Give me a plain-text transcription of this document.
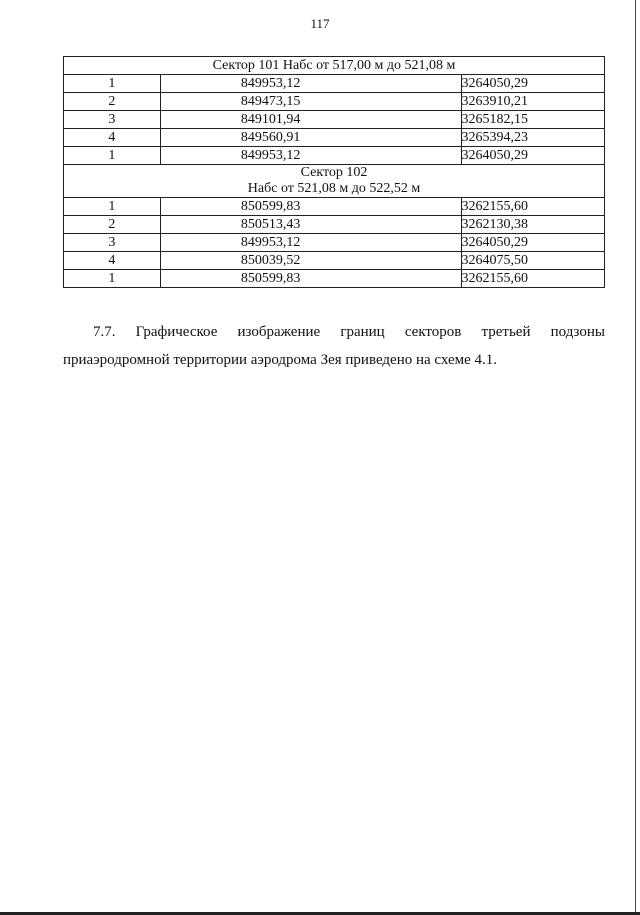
117
Сектор 101 Набс от 517,00 м до 521,08 м		

1	849953,12	3264050,29
2	849473,15	3263910,21
3	849101,94	3265182,15
4	849560,91	3265394,23
1	849953,12	3264050,29

Сектор 102
Набс от 521,08 м до 522,52 м		

1	850599,83	3262155,60
2	850513,43	3262130,38
3	849953,12	3264050,29
4	850039,52	3264075,50
1	850599,83	3262155,60
7.7. Графическое изображение границ секторов третьей подзоны
приаэродромной территории аэродрома Зея приведено на схеме 4.1.
